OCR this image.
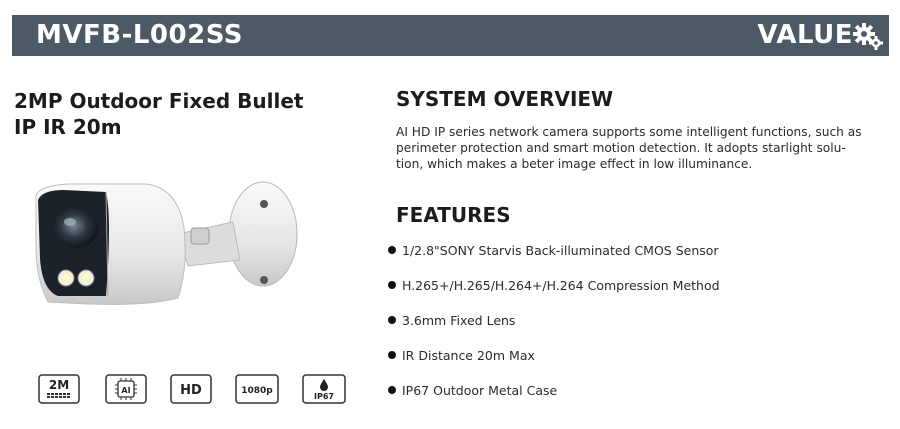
MVFB-L002SS	VALUE
2MP Outdoor Fixed Bullet
IP IR 20m
2M	AI	HD	1080p
IP67
SYSTEM OVERVIEW

AI HD IP series network camera supports some intelligent functions, such as
perimeter protection and smart motion detection. It adopts starlight solu-
tion, which makes a beter image effect in low illuminance.

FEATURES
1/2.8"SONY Starvis Back-illuminated CMOS Sensor
H.265+/H.265/H.264+/H.264 Compression Method
3.6mm Fixed Lens
IR Distance 20m Max
IP67 Outdoor Metal Case
